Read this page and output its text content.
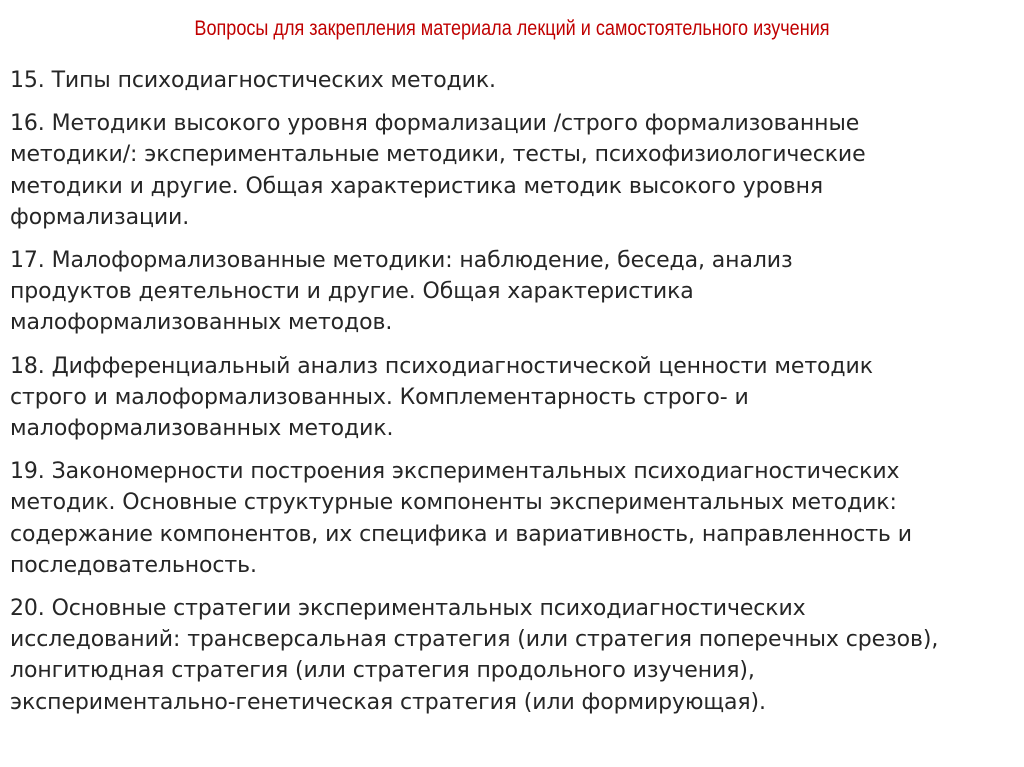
Вопросы для закрепления материала лекций и самостоятельного изучения
15. Типы психодиагностических методик.
16. Методики высокого уровня формализации /строго формализованные
методики/: экспериментальные методики, тесты, психофизиологические
методики и другие. Общая характеристика методик высокого уровня
формализации.
17. Малоформализованные методики: наблюдение, беседа, анализ
продуктов деятельности и другие. Общая характеристика
малоформализованных методов.
18. Дифференциальный анализ психодиагностической ценности методик
строго и малоформализованных. Комплементарность строго- и
малоформализованных методик.
19. Закономерности построения экспериментальных психодиагностических
методик. Основные структурные компоненты экспериментальных методик:
содержание компонентов, их специфика и вариативность, направленность и
последовательность.
20. Основные стратегии экспериментальных психодиагностических
исследований: трансверсальная стратегия (или стратегия поперечных срезов),
лонгитюдная стратегия (или стратегия продольного изучения),
экспериментально-генетическая стратегия (или формирующая).
